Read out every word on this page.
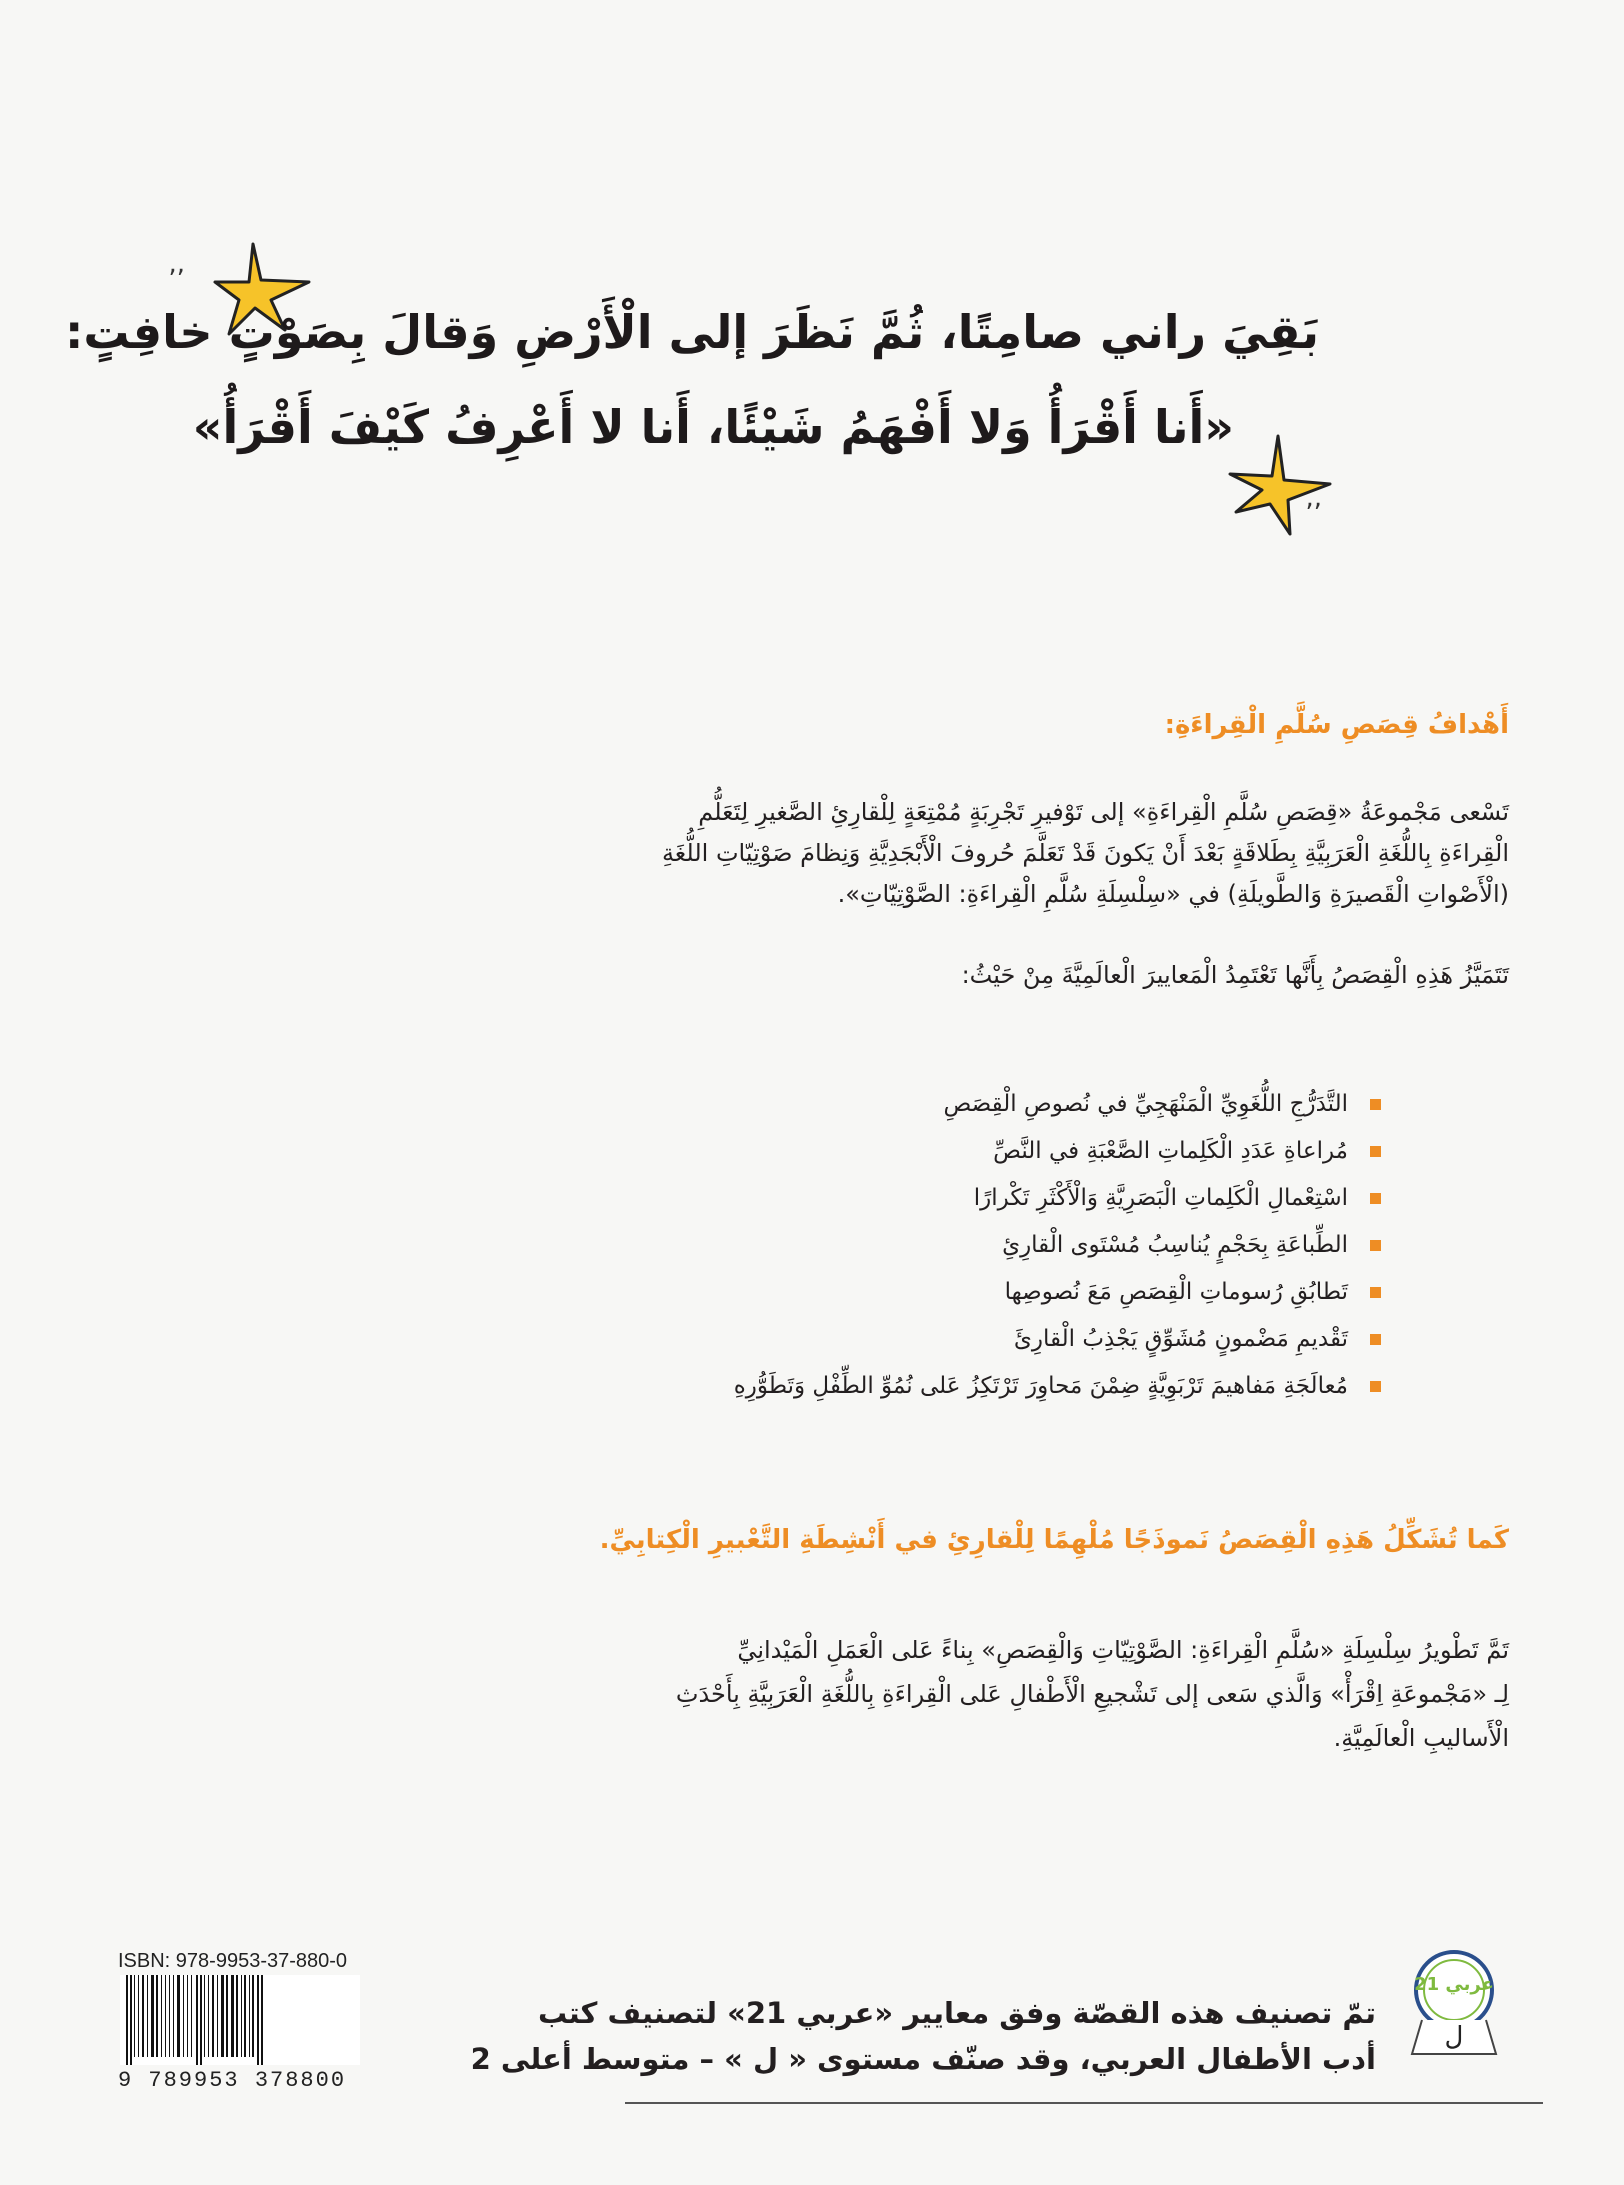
,,
,,
بَقِيَ راني صامِتًا، ثُمَّ نَظَرَ إلى الْأَرْضِ وَقالَ بِصَوْتٍ خافِتٍ:
«أَنا أَقْرَأُ وَلا أَفْهَمُ شَيْئًا، أَنا لا أَعْرِفُ كَيْفَ أَقْرَأُ»
أَهْدافُ قِصَصِ سُلَّمِ الْقِراءَةِ:

تَسْعى مَجْموعَةُ «قِصَصِ سُلَّمِ الْقِراءَةِ» إلى تَوْفيرِ تَجْرِبَةٍ مُمْتِعَةٍ لِلْقارِئِ الصَّغيرِ لِتَعَلُّمِ

الْقِراءَةِ بِاللُّغَةِ الْعَرَبِيَّةِ بِطَلاقَةٍ بَعْدَ أَنْ يَكونَ قَدْ تَعَلَّمَ حُروفَ الْأَبْجَدِيَّةِ وَنِظامَ صَوْتِيّاتِ اللُّغَةِ

(الْأَصْواتِ الْقَصيرَةِ وَالطَّويلَةِ) في «سِلْسِلَةِ سُلَّمِ الْقِراءَةِ: الصَّوْتِيّاتِ».

تَتَمَيَّزُ هَذِهِ الْقِصَصُ بِأَنَّها تَعْتَمِدُ الْمَعاييرَ الْعالَمِيَّةَ مِنْ حَيْثُ:

التَّدَرُّجِ اللُّغَوِيِّ الْمَنْهَجِيِّ في نُصوصِ الْقِصَصِ
مُراعاةِ عَدَدِ الْكَلِماتِ الصَّعْبَةِ في النَّصِّ
اسْتِعْمالِ الْكَلِماتِ الْبَصَرِيَّةِ وَالْأَكْثَرِ تَكْرارًا
الطِّباعَةِ بِحَجْمٍ يُناسِبُ مُسْتَوى الْقارِئِ
تَطابُقِ رُسوماتِ الْقِصَصِ مَعَ نُصوصِها
تَقْديمِ مَضْمونٍ مُشَوِّقٍ يَجْذِبُ الْقارِئَ
مُعالَجَةِ مَفاهيمَ تَرْبَوِيَّةٍ ضِمْنَ مَحاوِرَ تَرْتَكِزُ عَلى نُمُوِّ الطِّفْلِ وَتَطَوُّرِهِ
كَما تُشَكِّلُ هَذِهِ الْقِصَصُ نَموذَجًا مُلْهِمًا لِلْقارِئِ في أَنْشِطَةِ التَّعْبيرِ الْكِتابِيِّ.

تَمَّ تَطْويرُ سِلْسِلَةِ «سُلَّمِ الْقِراءَةِ: الصَّوْتِيّاتِ وَالْقِصَصِ» بِناءً عَلى الْعَمَلِ الْمَيْدانِيِّ

لِـ «مَجْموعَةِ اِقْرَأْ» وَالَّذي سَعى إلى تَشْجيعِ الْأَطْفالِ عَلى الْقِراءَةِ بِاللُّغَةِ الْعَرَبِيَّةِ بِأَحْدَثِ

الْأَساليبِ الْعالَمِيَّةِ.

ISBN: 978-9953-37-880-0
9 789953 378800
عربي 21
ل
تمّ تصنيف هذه القصّة وفق معايير «عربي 21» لتصنيف كتب
أدب الأطفال العربي، وقد صنّف مستوى « ل » – متوسط أعلى 2
